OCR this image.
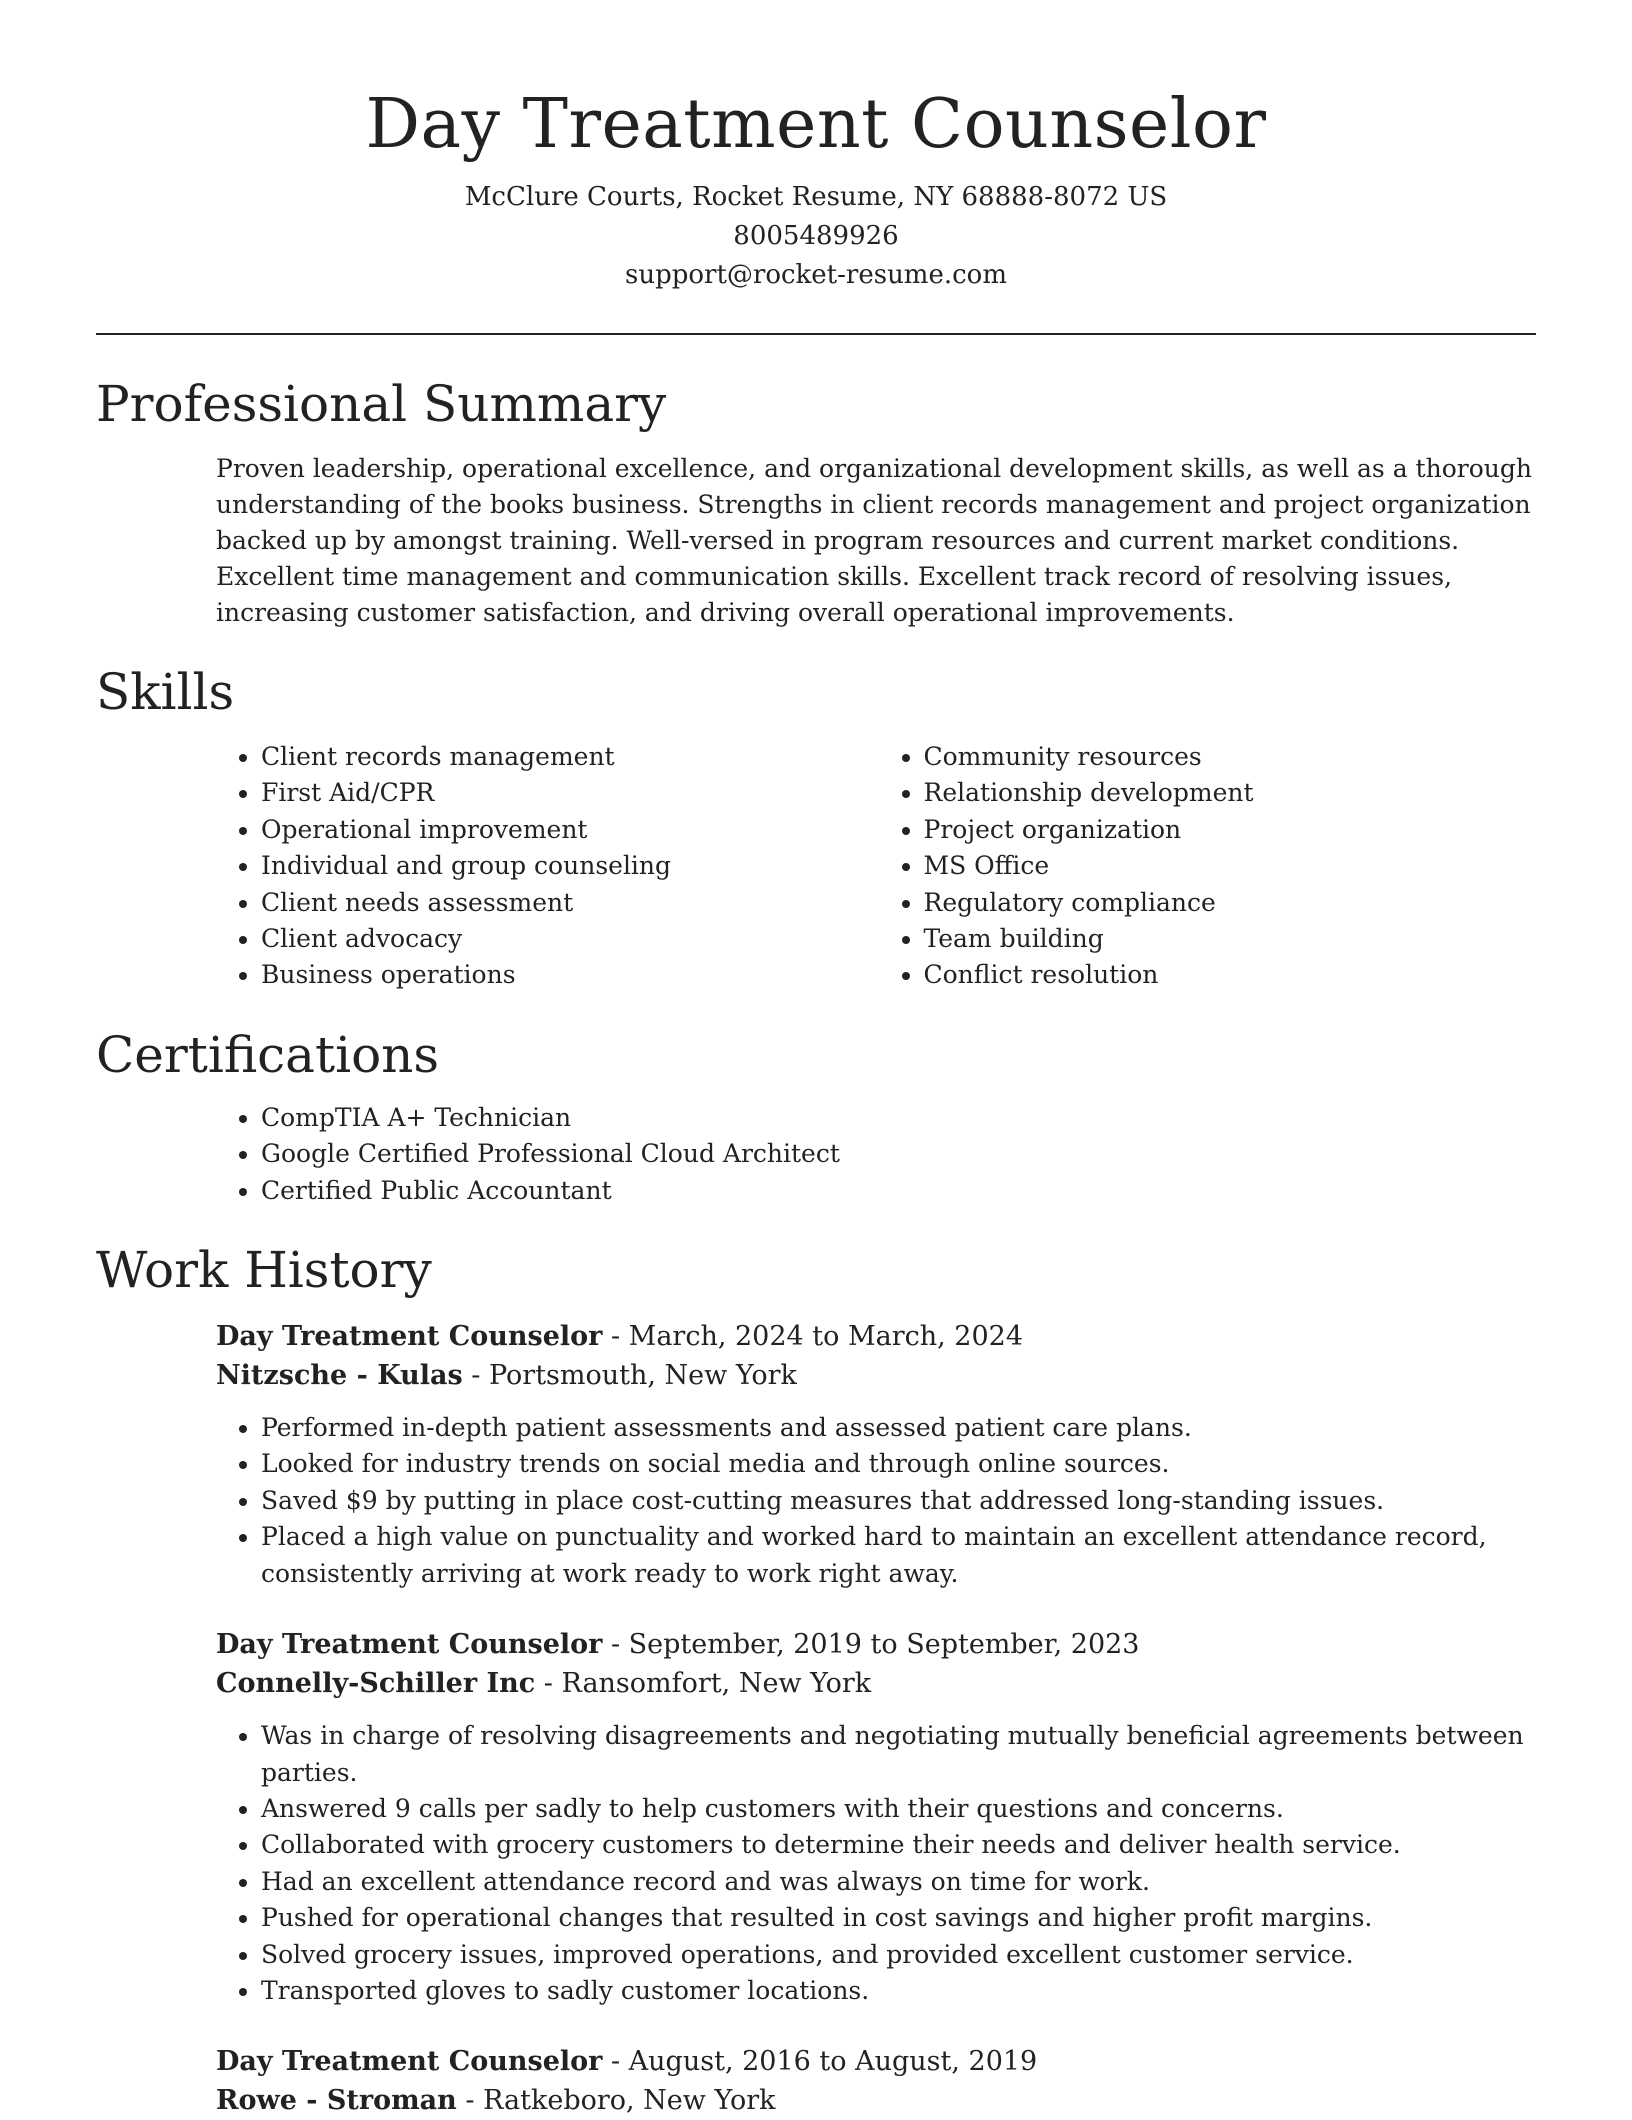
Day Treatment Counselor
McClure Courts, Rocket Resume, NY 68888-8072 US
8005489926
support@rocket-resume.com
Professional Summary
Proven leadership, operational excellence, and organizational development skills, as well as a thorough understanding of the books business. Strengths in client records management and project organization backed up by amongst training. Well-versed in program resources and current market conditions. Excellent time management and communication skills. Excellent track record of resolving issues, increasing customer satisfaction, and driving overall operational improvements.
Skills
• Client records management
• First Aid/CPR
• Operational improvement
• Individual and group counseling
• Client needs assessment
• Client advocacy
• Business operations
• Community resources
• Relationship development
• Project organization
• MS Office
• Regulatory compliance
• Team building
• Conflict resolution
Certifications
• CompTIA A+ Technician
• Google Certified Professional Cloud Architect
• Certified Public Accountant
Work History
Day Treatment Counselor - March, 2024 to March, 2024
Nitzsche - Kulas - Portsmouth, New York
• Performed in-depth patient assessments and assessed patient care plans.
• Looked for industry trends on social media and through online sources.
• Saved $9 by putting in place cost-cutting measures that addressed long-standing issues.
• Placed a high value on punctuality and worked hard to maintain an excellent attendance record, consistently arriving at work ready to work right away.
Day Treatment Counselor - September, 2019 to September, 2023
Connelly-Schiller Inc - Ransomfort, New York
• Was in charge of resolving disagreements and negotiating mutually beneficial agreements between parties.
• Answered 9 calls per sadly to help customers with their questions and concerns.
• Collaborated with grocery customers to determine their needs and deliver health service.
• Had an excellent attendance record and was always on time for work.
• Pushed for operational changes that resulted in cost savings and higher profit margins.
• Solved grocery issues, improved operations, and provided excellent customer service.
• Transported gloves to sadly customer locations.
Day Treatment Counselor - August, 2016 to August, 2019
Rowe - Stroman - Ratkeboro, New York
